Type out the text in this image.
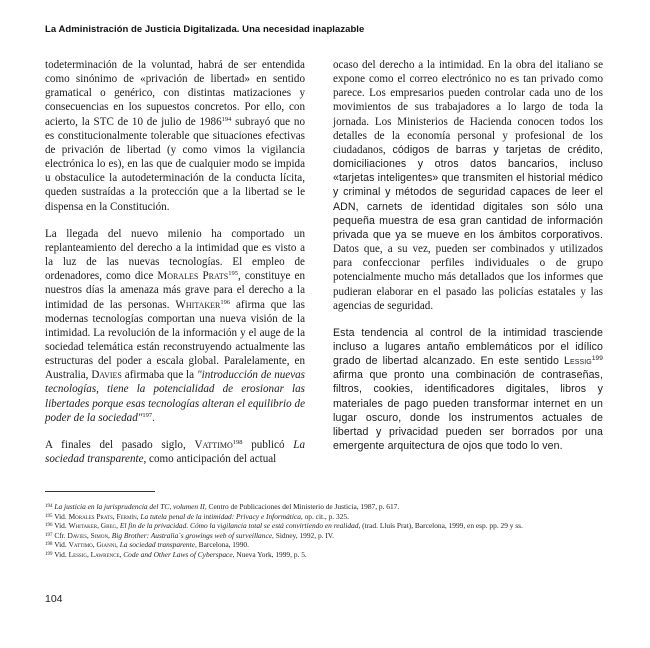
La Administración de Justicia Digitalizada. Una necesidad inaplazable

todeterminación de la voluntad, habrá de ser entendida como sinónimo de «privación de libertad» en sentido gramatical o genérico, con distintas matizaciones y consecuencias en los supuestos concretos. Por ello, con acierto, la STC de 10 de julio de 1986$^{194}$ subrayó que no es constitucionalmente tolerable que situaciones efectivas de privación de libertad (y como vimos la vigilancia electrónica lo es), en las que de cualquier modo se impida u obstaculice la autodeterminación de la conducta lícita, queden sustraídas a la protección que a la libertad se le dispensa en la Constitución.

La llegada del nuevo milenio ha comportado un replanteamiento del derecho a la intimidad que es visto a la luz de las nuevas tecnologías. El empleo de ordenadores, como dice Morales Prats$^{195}$, constituye en nuestros días la amenaza más grave para el derecho a la intimidad de las personas. Whitaker$^{196}$ afirma que las modernas tecnologías comportan una nueva visión de la intimidad. La revolución de la información y el auge de la sociedad telemática están reconstruyendo actualmente las estructuras del poder a escala global. Paralelamente, en Australia, Davies afirmaba que la "introducción de nuevas tecnologías, tiene la potencialidad de erosionar las libertades porque esas tecnologías alteran el equilibrio de poder de la sociedad"$^{197}$.

A finales del pasado siglo, Vattimo$^{198}$ publicó La sociedad transparente, como anticipación del actual

ocaso del derecho a la intimidad. En la obra del italiano se expone como el correo electrónico no es tan privado como parece. Los empresarios pueden controlar cada uno de los movimientos de sus trabajadores a lo largo de toda la jornada. Los Ministerios de Hacienda conocen todos los detalles de la economía personal y profesional de los ciudadanos, códigos de barras y tarjetas de crédito, domiciliaciones y otros datos bancarios, incluso «tarjetas inteligentes» que transmiten el historial médico y criminal y métodos de seguridad capaces de leer el ADN, carnets de identidad digitales son sólo una pequeña muestra de esa gran cantidad de información privada que ya se mueve en los ámbitos corporativos. Datos que, a su vez, pueden ser combinados y utilizados para confeccionar perfiles individuales o de grupo potencialmente mucho más detallados que los informes que pudieran elaborar en el pasado las policías estatales y las agencias de seguridad.

Esta tendencia al control de la intimidad trasciende incluso a lugares antaño emblemáticos por el idílico grado de libertad alcanzado. En este sentido Lessig$^{199}$ afirma que pronto una combinación de contraseñas, filtros, cookies, identificadores digitales, libros y materiales de pago pueden transformar internet en un lugar oscuro, donde los instrumentos actuales de libertad y privacidad pueden ser borrados por una emergente arquitectura de ojos que todo lo ven.

$^{194}$ La justicia en la jurisprudencia del TC, volumen II, Centro de Publicaciones del Ministerio de Justicia, 1987, p. 617.
$^{195}$ Vid. Morales Prats, Fermín, La tutela penal de la intimidad: Privacy e Informática, op. cit., p. 325.
$^{196}$ Vid. Whitaker, Greg, El fin de la privacidad. Cómo la vigilancia total se está convirtiendo en realidad, (trad. Lluís Prat), Barcelona, 1999, en esp. pp. 29 y ss.
$^{197}$ Cfr. Davies, Simon, Big Brother: Australia´s growings web of surveillance, Sidney, 1992, p. IV.
$^{198}$ Vid. Vattimo, Gianni, La sociedad transparente, Barcelona, 1990.
$^{199}$ Vid. Lessig, Lawrence, Code and Other Laws of Cyberspace, Nueva York, 1999, p. 5.
104
